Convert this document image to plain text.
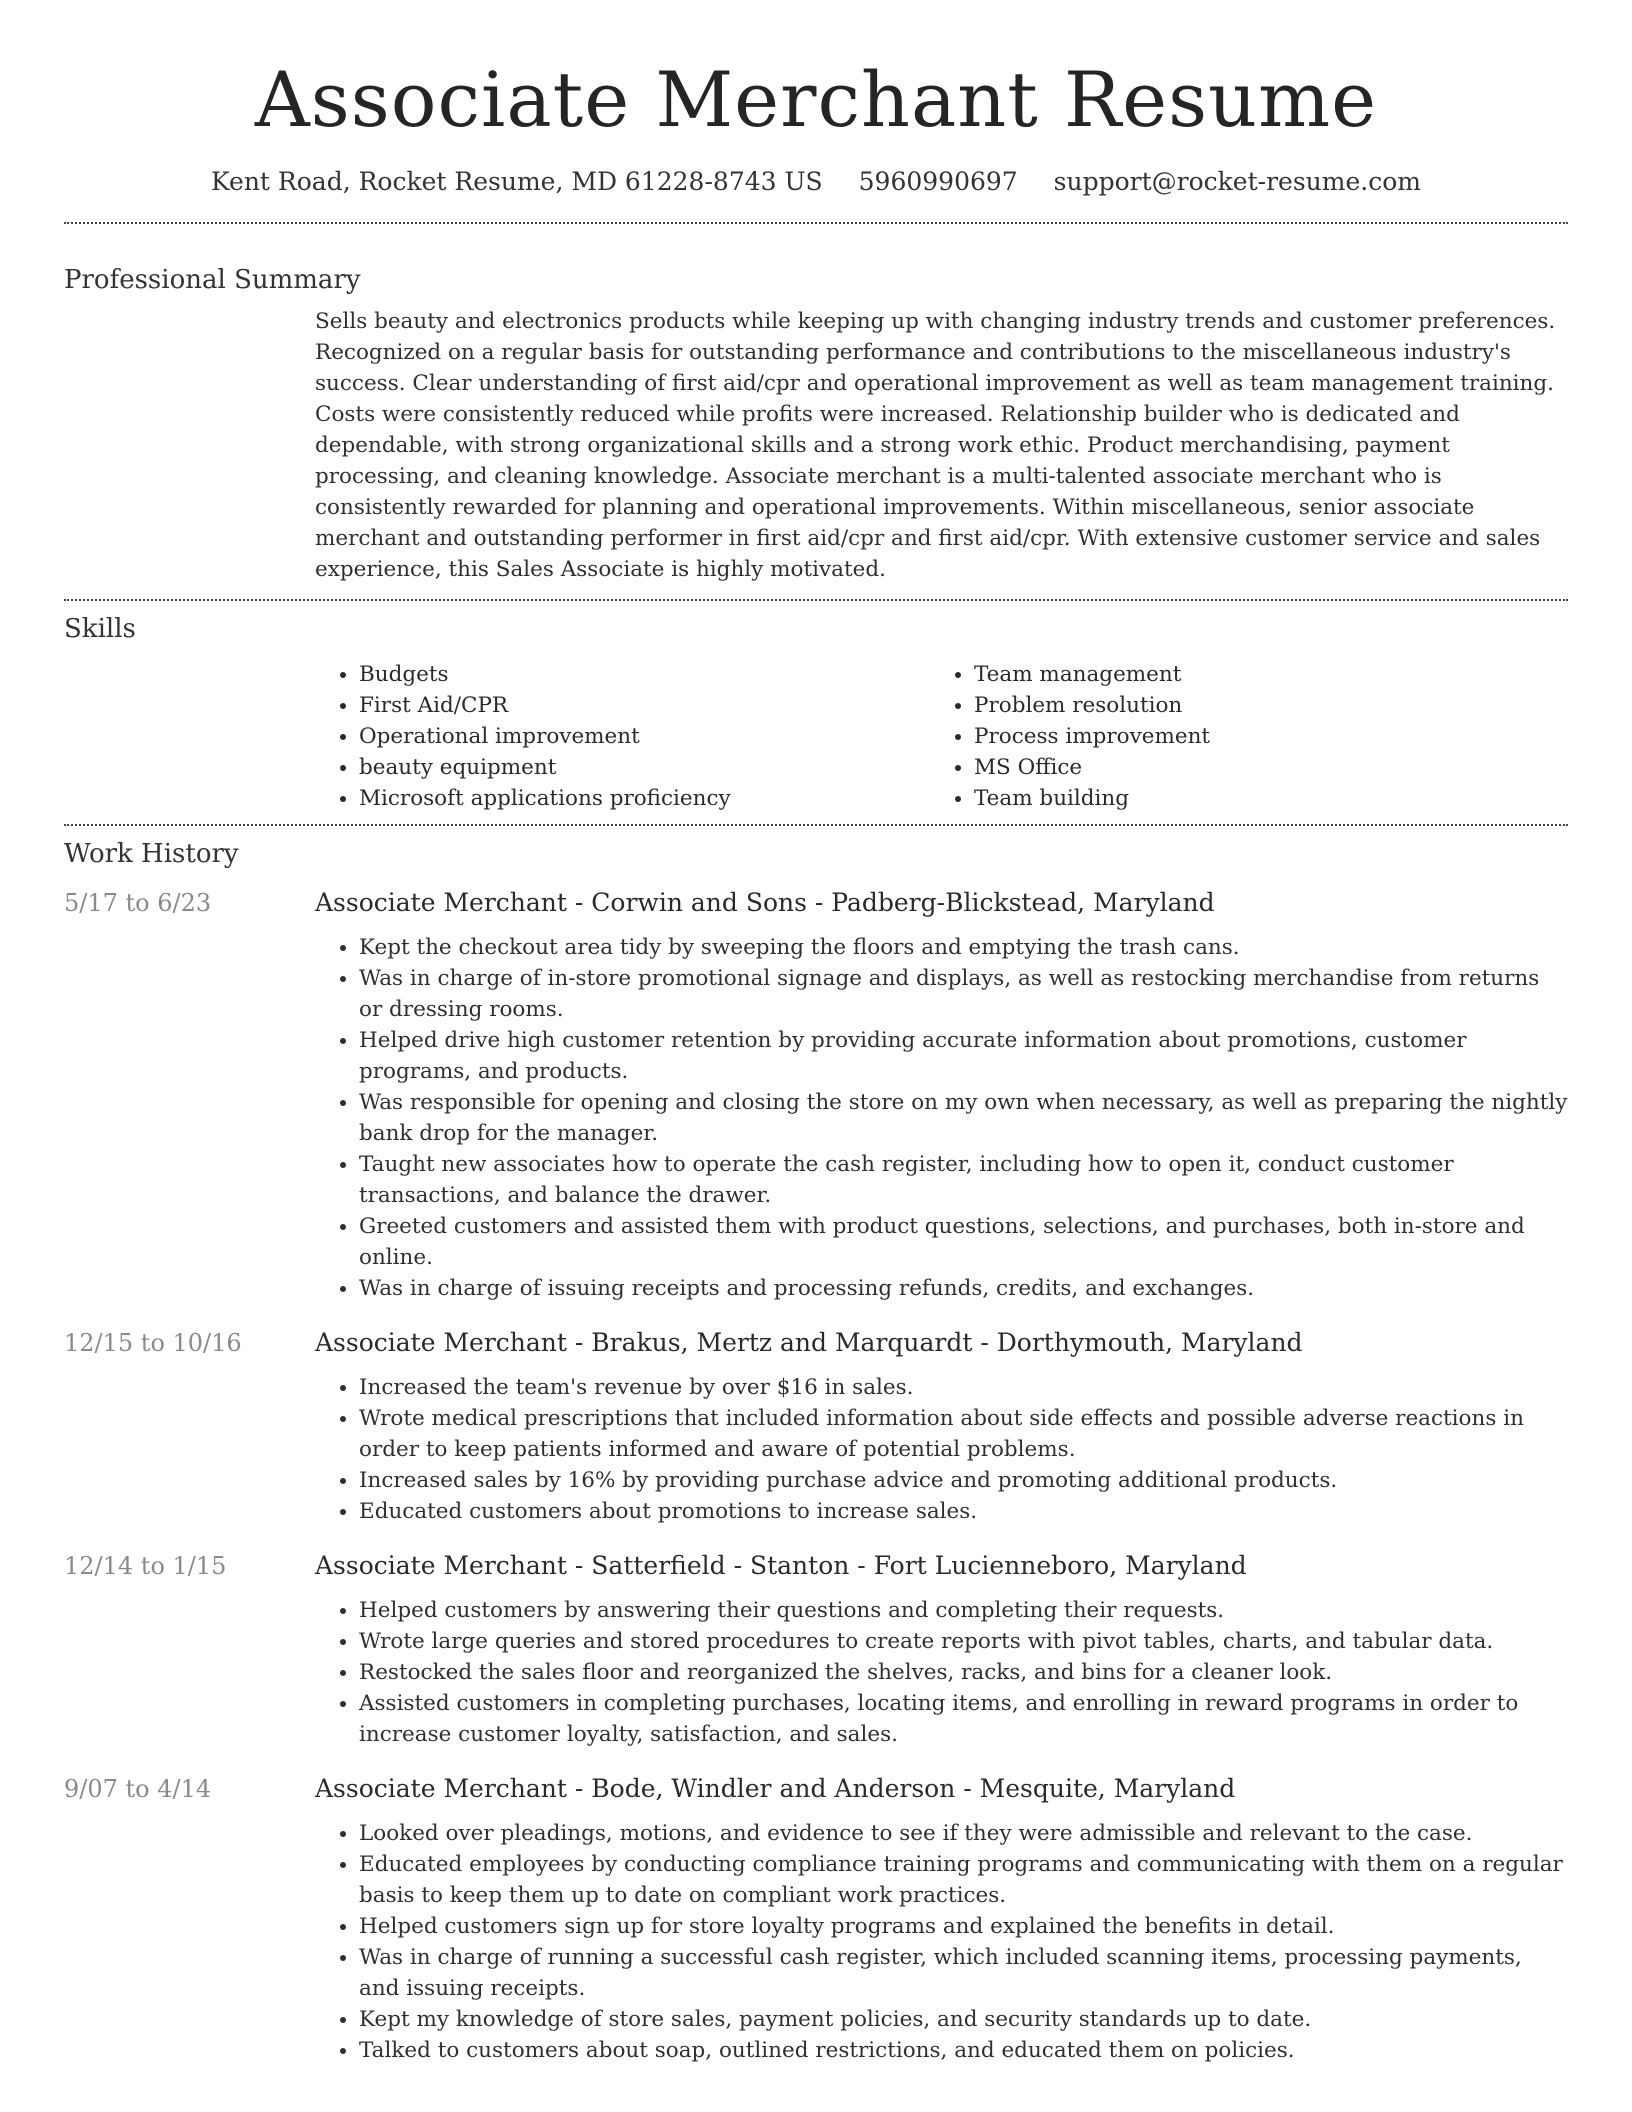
Associate Merchant Resume
Kent Road, Rocket Resume, MD 61228-8743 US 5960990697 support@rocket-resume.com
Professional Summary

Sells beauty and electronics products while keeping up with changing industry trends and customer preferences. Recognized on a regular basis for outstanding performance and contributions to the miscellaneous industry's success. Clear understanding of first aid/cpr and operational improvement as well as team management training. Costs were consistently reduced while profits were increased. Relationship builder who is dedicated and dependable, with strong organizational skills and a strong work ethic. Product merchandising, payment processing, and cleaning knowledge. Associate merchant is a multi-talented associate merchant who is consistently rewarded for planning and operational improvements. Within miscellaneous, senior associate merchant and outstanding performer in first aid/cpr and first aid/cpr. With extensive customer service and sales experience, this Sales Associate is highly motivated.

Skills
• Budgets
• First Aid/CPR
• Operational improvement
• beauty equipment
• Microsoft applications proficiency
• Team management
• Problem resolution
• Process improvement
• MS Office
• Team building
Work History
5/17 to 6/23	Associate Merchant - Corwin and Sons - Padberg-Blickstead, Maryland
• Kept the checkout area tidy by sweeping the floors and emptying the trash cans.
• Was in charge of in-store promotional signage and displays, as well as restocking merchandise from returns or dressing rooms.
• Helped drive high customer retention by providing accurate information about promotions, customer programs, and products.
• Was responsible for opening and closing the store on my own when necessary, as well as preparing the nightly bank drop for the manager.
• Taught new associates how to operate the cash register, including how to open it, conduct customer transactions, and balance the drawer.
• Greeted customers and assisted them with product questions, selections, and purchases, both in-store and online.
• Was in charge of issuing receipts and processing refunds, credits, and exchanges.
12/15 to 10/16	Associate Merchant - Brakus, Mertz and Marquardt - Dorthymouth, Maryland
• Increased the team's revenue by over $16 in sales.
• Wrote medical prescriptions that included information about side effects and possible adverse reactions in order to keep patients informed and aware of potential problems.
• Increased sales by 16% by providing purchase advice and promoting additional products.
• Educated customers about promotions to increase sales.
12/14 to 1/15	Associate Merchant - Satterfield - Stanton - Fort Lucienneboro, Maryland
• Helped customers by answering their questions and completing their requests.
• Wrote large queries and stored procedures to create reports with pivot tables, charts, and tabular data.
• Restocked the sales floor and reorganized the shelves, racks, and bins for a cleaner look.
• Assisted customers in completing purchases, locating items, and enrolling in reward programs in order to increase customer loyalty, satisfaction, and sales.
9/07 to 4/14	Associate Merchant - Bode, Windler and Anderson - Mesquite, Maryland
• Looked over pleadings, motions, and evidence to see if they were admissible and relevant to the case.
• Educated employees by conducting compliance training programs and communicating with them on a regular basis to keep them up to date on compliant work practices.
• Helped customers sign up for store loyalty programs and explained the benefits in detail.
• Was in charge of running a successful cash register, which included scanning items, processing payments, and issuing receipts.
• Kept my knowledge of store sales, payment policies, and security standards up to date.
• Talked to customers about soap, outlined restrictions, and educated them on policies.
